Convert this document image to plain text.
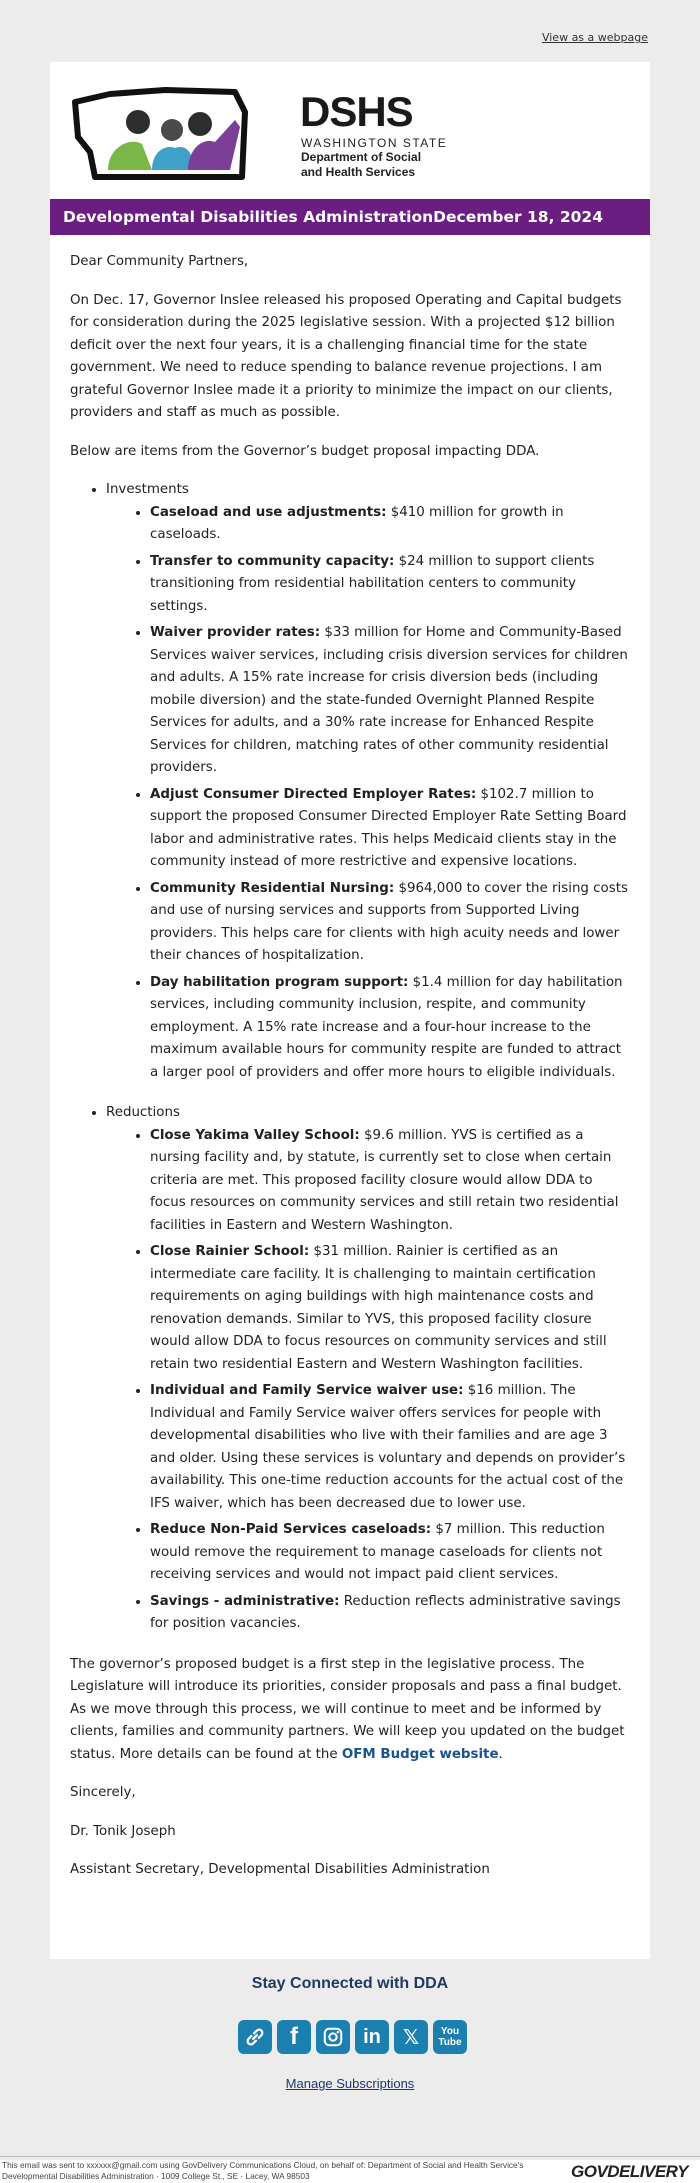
View as a webpage
DSHS
WASHINGTON STATE
Department of Social
and Health Services
Developmental Disabilities Administration December 18, 2024

Dear Community Partners,

On Dec. 17, Governor Inslee released his proposed Operating and Capital budgets for consideration during the 2025 legislative session. With a projected $12 billion deficit over the next four years, it is a challenging financial time for the state government. We need to reduce spending to balance revenue projections. I am grateful Governor Inslee made it a priority to minimize the impact on our clients, providers and staff as much as possible.

Below are items from the Governor’s budget proposal impacting DDA.

• Investments
• Caseload and use adjustments: $410 million for growth in caseloads.
• Transfer to community capacity: $24 million to support clients transitioning from residential habilitation centers to community settings.
• Waiver provider rates: $33 million for Home and Community-Based Services waiver services, including crisis diversion services for children and adults. A 15% rate increase for crisis diversion beds (including mobile diversion) and the state-funded Overnight Planned Respite Services for adults, and a 30% rate increase for Enhanced Respite Services for children, matching rates of other community residential providers.
• Adjust Consumer Directed Employer Rates: $102.7 million to support the proposed Consumer Directed Employer Rate Setting Board labor and administrative rates. This helps Medicaid clients stay in the community instead of more restrictive and expensive locations.
• Community Residential Nursing: $964,000 to cover the rising costs and use of nursing services and supports from Supported Living providers. This helps care for clients with high acuity needs and lower their chances of hospitalization.
• Day habilitation program support: $1.4 million for day habilitation services, including community inclusion, respite, and community employment. A 15% rate increase and a four-hour increase to the maximum available hours for community respite are funded to attract a larger pool of providers and offer more hours to eligible individuals.
• Reductions
• Close Yakima Valley School: $9.6 million. YVS is certified as a nursing facility and, by statute, is currently set to close when certain criteria are met. This proposed facility closure would allow DDA to focus resources on community services and still retain two residential facilities in Eastern and Western Washington.
• Close Rainier School: $31 million. Rainier is certified as an intermediate care facility. It is challenging to maintain certification requirements on aging buildings with high maintenance costs and renovation demands. Similar to YVS, this proposed facility closure would allow DDA to focus resources on community services and still retain two residential Eastern and Western Washington facilities.
• Individual and Family Service waiver use: $16 million. The Individual and Family Service waiver offers services for people with developmental disabilities who live with their families and are age 3 and older. Using these services is voluntary and depends on provider’s availability. This one-time reduction accounts for the actual cost of the IFS waiver, which has been decreased due to lower use.
• Reduce Non-Paid Services caseloads: $7 million. This reduction would remove the requirement to manage caseloads for clients not receiving services and would not impact paid client services.
• Savings - administrative: Reduction reflects administrative savings for position vacancies.

The governor’s proposed budget is a first step in the legislative process. The Legislature will introduce its priorities, consider proposals and pass a final budget. As we move through this process, we will continue to meet and be informed by clients, families and community partners. We will keep you updated on the budget status. More details can be found at the OFM Budget website.

Sincerely,

Dr. Tonik Joseph

Assistant Secretary, Developmental Disabilities Administration

Stay Connected with DDA
f	in 𝕏 You
Tube
Manage Subscriptions
This email was sent to xxxxxx@gmail.com using GovDelivery Communications Cloud, on behalf of: Department of Social and Health Service's Developmental Disabilities Administration · 1009 College St., SE · Lacey, WA 98503	GOVDELIVERY
